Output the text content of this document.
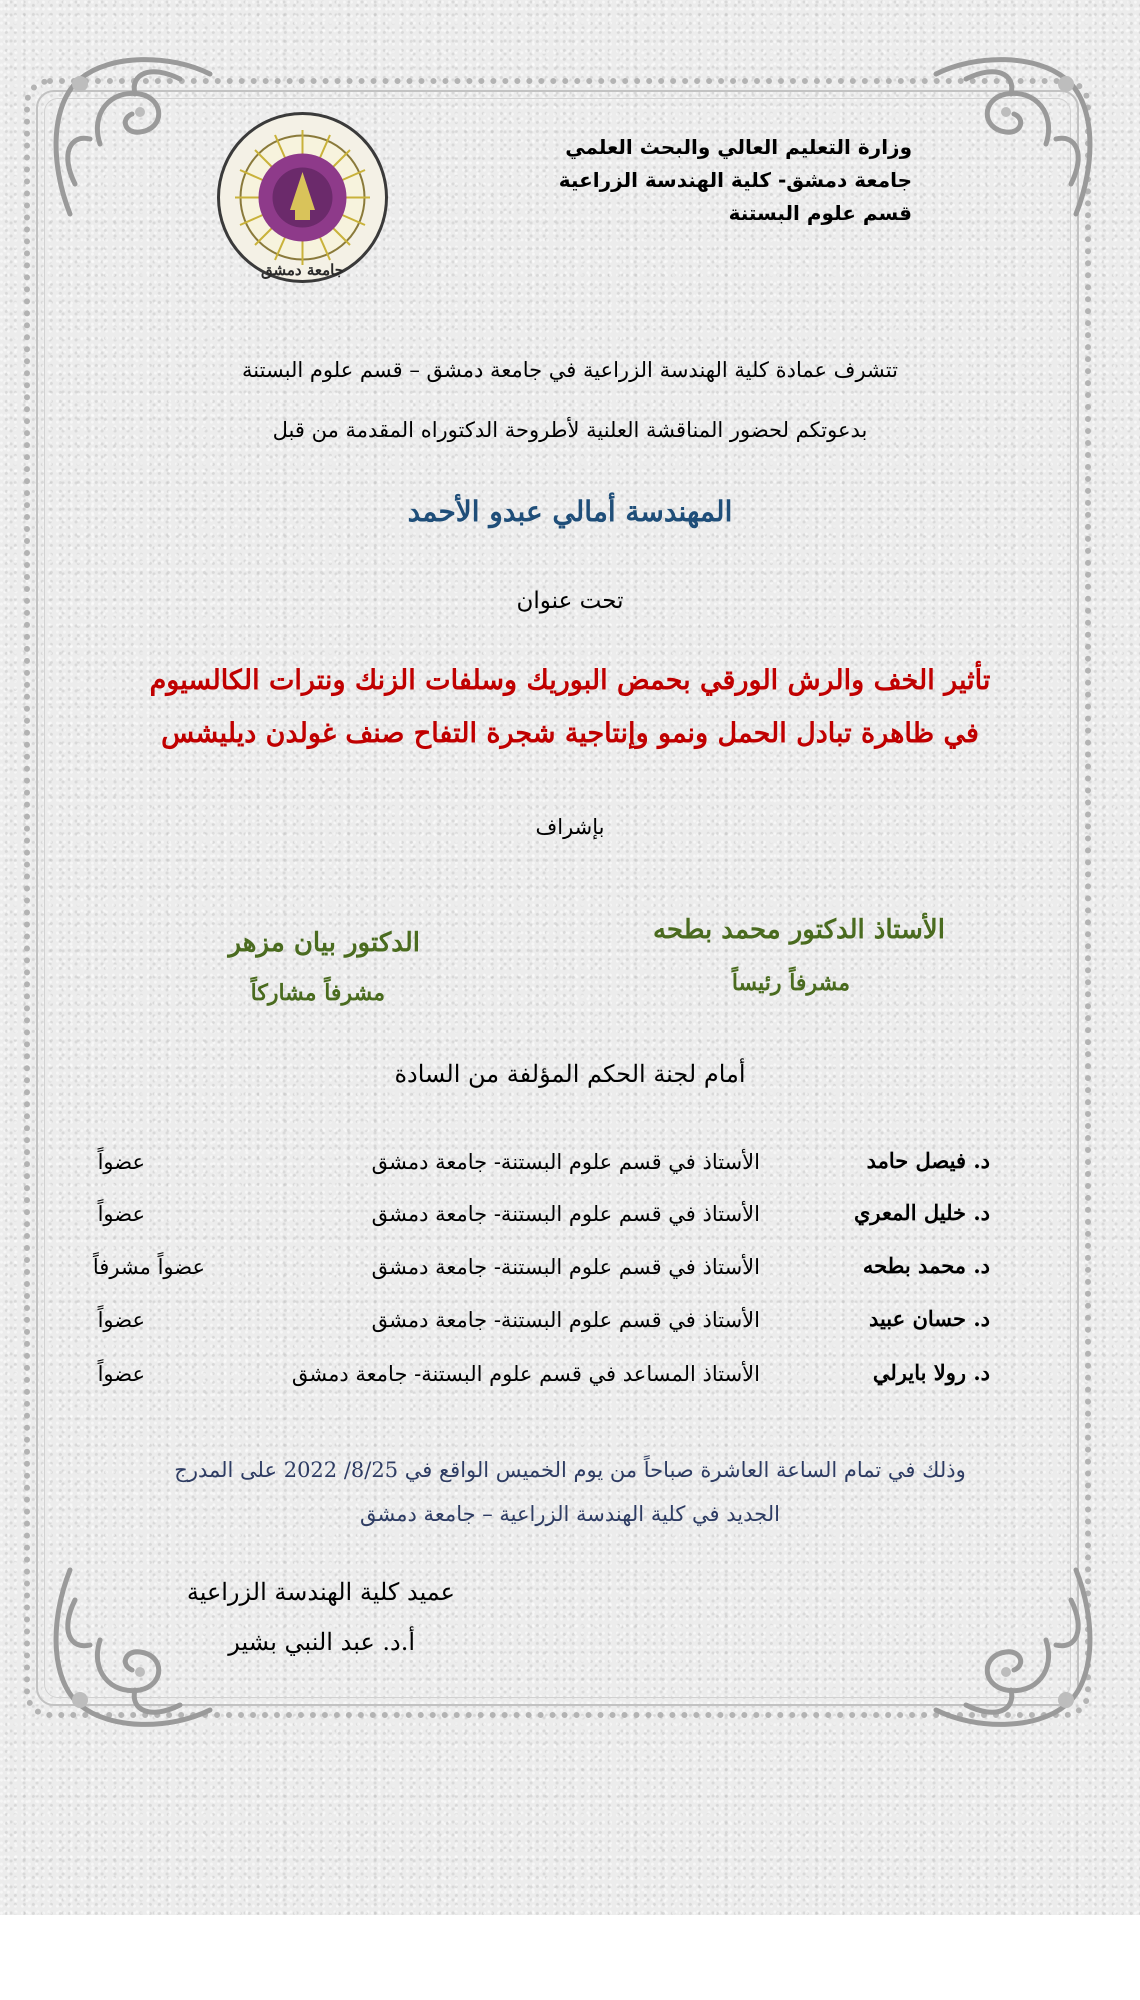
جامعة دمشق
وزارة التعليم العالي والبحث العلمي
جامعة دمشق- كلية الهندسة الزراعية
قسم علوم البستنة
تتشرف عمادة كلية الهندسة الزراعية في جامعة دمشق – قسم علوم البستنة
بدعوتكم لحضور المناقشة العلنية لأطروحة الدكتوراه المقدمة من قبل
المهندسة أمالي عبدو الأحمد
تحت عنوان
تأثير الخف والرش الورقي بحمض البوريك وسلفات الزنك ونترات الكالسيوم
في ظاهرة تبادل الحمل ونمو وإنتاجية شجرة التفاح صنف غولدن ديليشس
بإشراف
الأستاذ الدكتور محمد بطحه
مشرفاً رئيساً
الدكتور بيان مزهر
مشرفاً مشاركاً
أمام لجنة الحكم المؤلفة من السادة
د. فيصل حامد
الأستاذ في قسم علوم البستنة- جامعة دمشق
عضواً
د. خليل المعري
الأستاذ في قسم علوم البستنة- جامعة دمشق
عضواً
د. محمد بطحه
الأستاذ في قسم علوم البستنة- جامعة دمشق
عضواً مشرفاً
د. حسان عبيد
الأستاذ في قسم علوم البستنة- جامعة دمشق
عضواً
د. رولا بايرلي
الأستاذ المساعد في قسم علوم البستنة- جامعة دمشق
عضواً
وذلك في تمام الساعة العاشرة صباحاً من يوم الخميس الواقع في 8/25/ 2022 على المدرج
الجديد في كلية الهندسة الزراعية – جامعة دمشق
عميد كلية الهندسة الزراعية
أ.د. عبد النبي بشير
